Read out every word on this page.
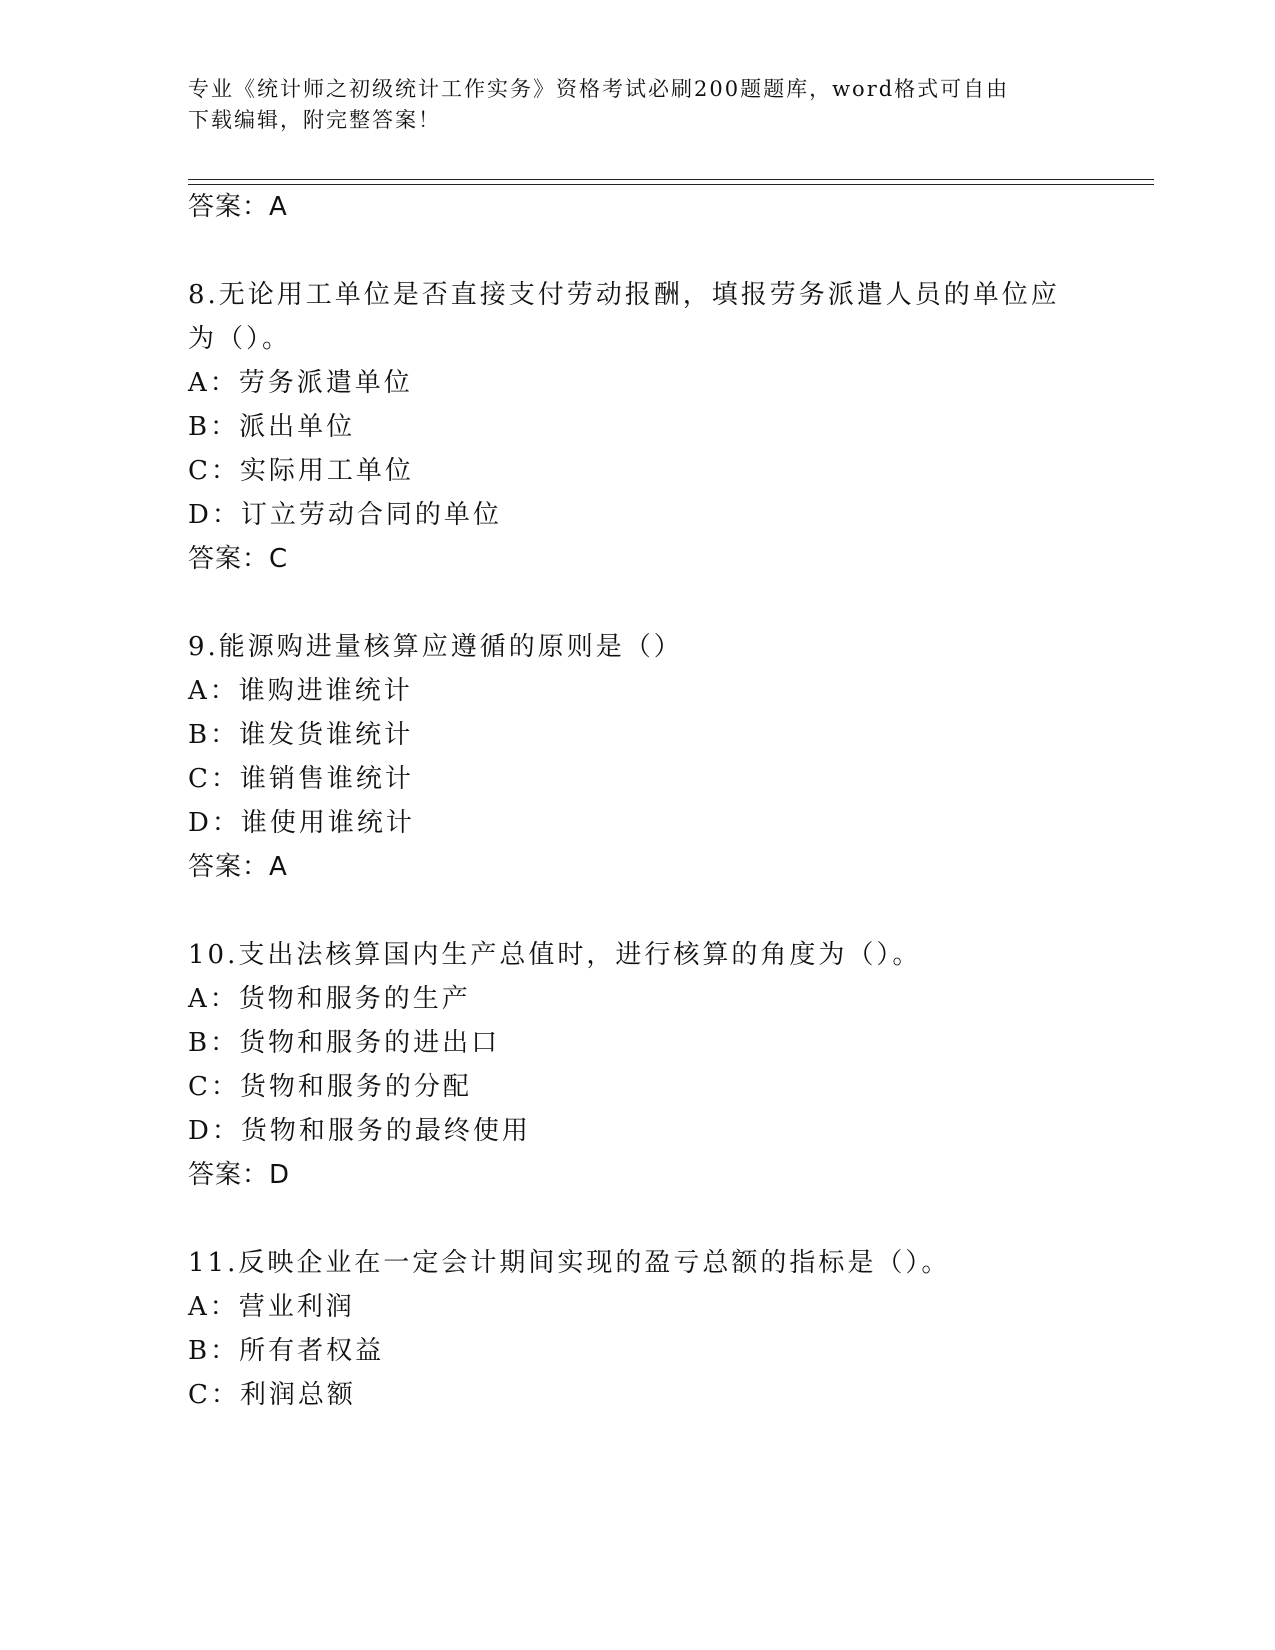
专业《统计师之初级统计工作实务》资格考试必刷200题题库，word格式可自由
下载编辑，附完整答案！
答案：A
8.无论用工单位是否直接支付劳动报酬，填报劳务派遣人员的单位应
为（）。
A：劳务派遣单位
B：派出单位
C：实际用工单位
D：订立劳动合同的单位
答案：C
9.能源购进量核算应遵循的原则是（）
A：谁购进谁统计
B：谁发货谁统计
C：谁销售谁统计
D：谁使用谁统计
答案：A
10.支出法核算国内生产总值时，进行核算的角度为（）。
A：货物和服务的生产
B：货物和服务的进出口
C：货物和服务的分配
D：货物和服务的最终使用
答案：D
11.反映企业在一定会计期间实现的盈亏总额的指标是（）。
A：营业利润
B：所有者权益
C：利润总额
